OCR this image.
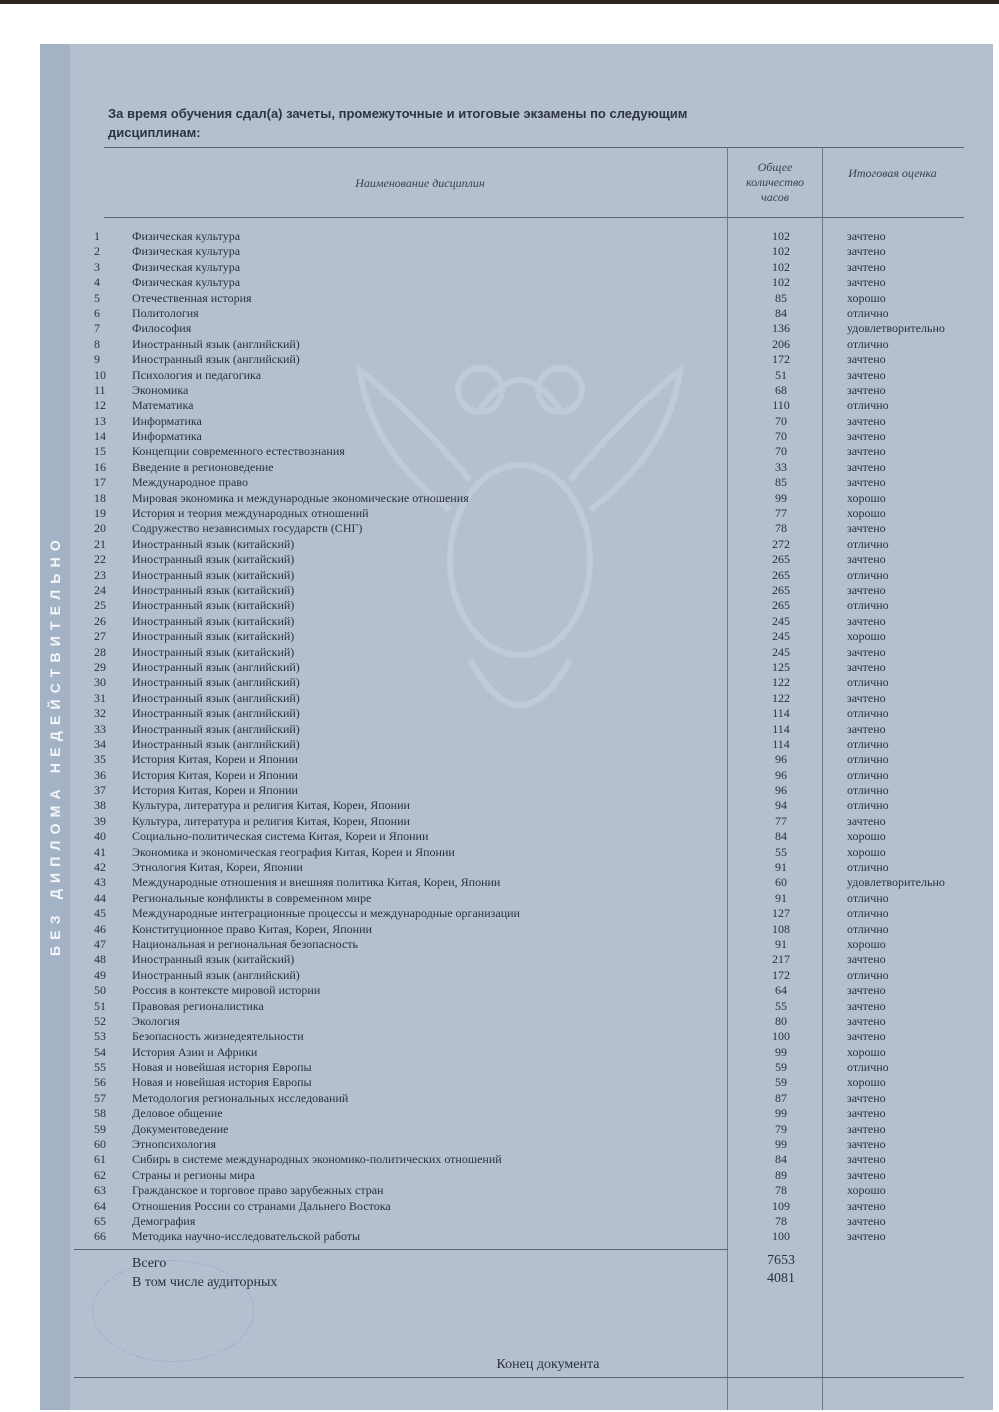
БЕЗ ДИПЛОМА НЕДЕЙСТВИТЕЛЬНО
За время обучения сдал(а) зачеты, промежуточные и итоговые экзамены по следующим дисциплинам:
Наименование дисциплин
Общее количество часов
Итоговая оценка
1	Физическая культура	102	зачтено
2	Физическая культура	102	зачтено
3	Физическая культура	102	зачтено
4	Физическая культура	102	зачтено
5	Отечественная история	85	хорошо
6	Политология	84	отлично
7	Философия	136	удовлетворительно
8	Иностранный язык (английский)	206	отлично
9	Иностранный язык (английский)	172	зачтено
10 Психология и педагогика	51	зачтено
11 Экономика	68	зачтено
12 Математика	110	отлично
13 Информатика	70	зачтено
14 Информатика	70	зачтено
15 Концепции современного естествознания	70	зачтено
16 Введение в регионоведение	33	зачтено
17 Международное право	85	зачтено
18 Мировая экономика и международные экономические отношения	99	хорошо
19 История и теория международных отношений	77	хорошо
20 Содружество независимых государств (СНГ)	78	зачтено
21 Иностранный язык (китайский)	272	отлично
22 Иностранный язык (китайский)	265	зачтено
23 Иностранный язык (китайский)	265	отлично
24 Иностранный язык (китайский)	265	зачтено
25 Иностранный язык (китайский)	265	отлично
26 Иностранный язык (китайский)	245	зачтено
27 Иностранный язык (китайский)	245	хорошо
28 Иностранный язык (китайский)	245	зачтено
29 Иностранный язык (английский)	125	зачтено
30 Иностранный язык (английский)	122	отлично
31 Иностранный язык (английский)	122	зачтено
32 Иностранный язык (английский)	114	отлично
33 Иностранный язык (английский)	114	зачтено
34 Иностранный язык (английский)	114	отлично
35 История Китая, Кореи и Японии	96	отлично
36 История Китая, Кореи и Японии	96	отлично
37 История Китая, Кореи и Японии	96	отлично
38 Культура, литература и религия Китая, Кореи, Японии	94	отлично
39 Культура, литература и религия Китая, Кореи, Японии	77	зачтено
40 Социально-политическая система Китая, Кореи и Японии	84	хорошо
41 Экономика и экономическая география Китая, Кореи и Японии	55	хорошо
42 Этнология Китая, Кореи, Японии	91	отлично
43 Международные отношения и внешняя политика Китая, Кореи, Японии	60	удовлетворительно
44 Региональные конфликты в современном мире	91	отлично
45 Международные интеграционные процессы и международные организации	127	отлично
46 Конституционное право Китая, Кореи, Японии	108	отлично
47 Национальная и региональная безопасность	91	хорошо
48 Иностранный язык (китайский)	217	зачтено
49 Иностранный язык (английский)	172	отлично
50 Россия в контексте мировой истории	64	зачтено
51 Правовая регионалистика	55	зачтено
52 Экология	80	зачтено
53 Безопасность жизнедеятельности	100	зачтено
54 История Азии и Африки	99	хорошо
55 Новая и новейшая история Европы	59	отлично
56 Новая и новейшая история Европы	59	хорошо
57 Методология региональных исследований	87	зачтено
58 Деловое общение	99	зачтено
59 Документоведение	79	зачтено
60 Этнопсихология	99	зачтено
61 Сибирь в системе международных экономико-политических отношений	84	зачтено
62 Страны и регионы мира	89	зачтено
63 Гражданское и торговое право зарубежных стран	78	хорошо
64 Отношения России со странами Дальнего Востока	109	зачтено
65 Демография	78	зачтено
66 Методика научно-исследовательской работы	100	зачтено
Всего	7653
В том числе аудиторных	4081
Конец документа
